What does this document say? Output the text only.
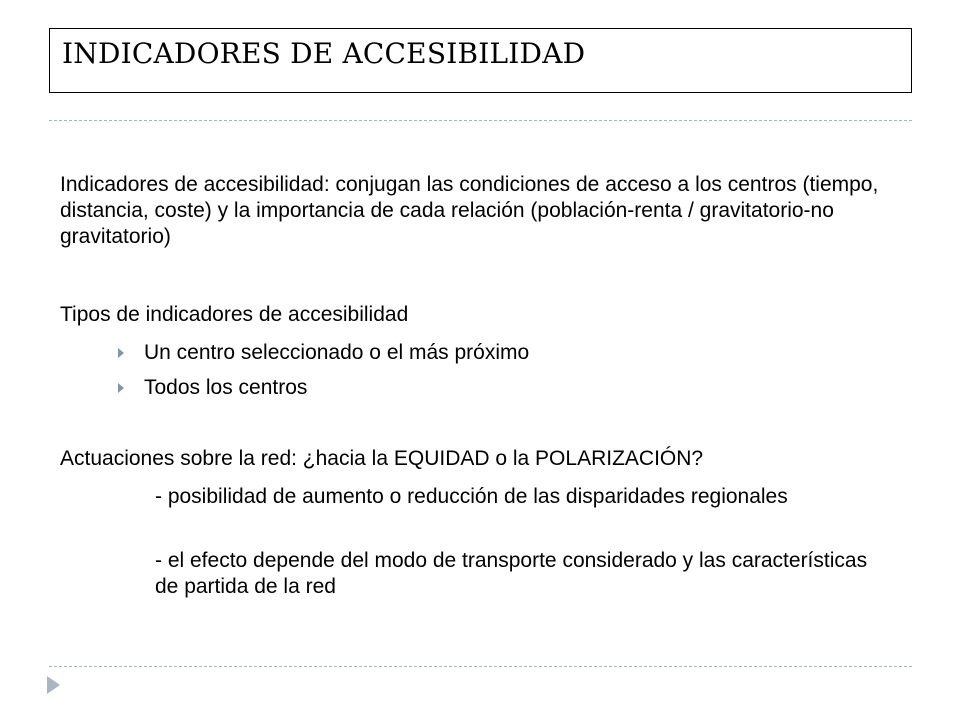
INDICADORES DE ACCESIBILIDAD
Indicadores de accesibilidad: conjugan las condiciones de acceso a los centros (tiempo, distancia, coste) y la importancia de cada relación (población-renta / gravitatorio-no gravitatorio)
Tipos de indicadores de accesibilidad
Un centro seleccionado o el más próximo
Todos los centros
Actuaciones sobre la red: ¿hacia la EQUIDAD o la POLARIZACIÓN?
- posibilidad de aumento o reducción de las disparidades regionales
- el efecto depende del modo de transporte considerado y las características de partida de la red
